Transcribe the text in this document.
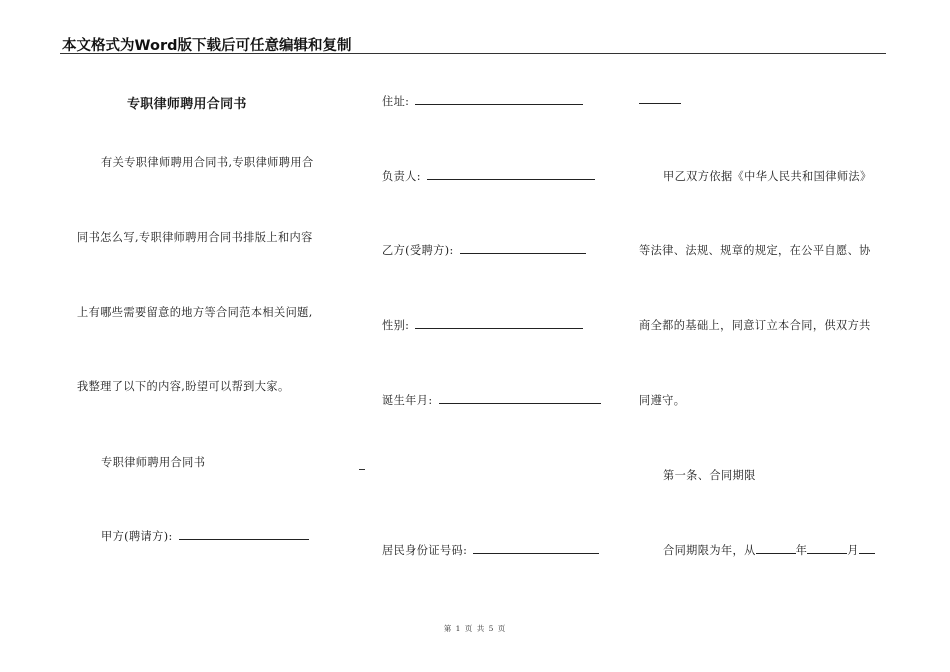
本文格式为Word版下载后可任意编辑和复制
专职律师聘用合同书
有关专职律师聘用合同书,专职律师聘用合
同书怎么写,专职律师聘用合同书排版上和内容
上有哪些需要留意的地方等合同范本相关问题,
我整理了以下的内容,盼望可以帮到大家。
专职律师聘用合同书
甲方(聘请方):
住址:
负责人:
乙方(受聘方):
性别:
诞生年月:
居民身份证号码:
甲乙双方依据《中华人民共和国律师法》
等法律、法规、规章的规定，在公平自愿、协
商全都的基础上，同意订立本合同，供双方共
同遵守。
第一条、合同期限
合同期限为年，从	年	月
第 1 页 共 5 页
